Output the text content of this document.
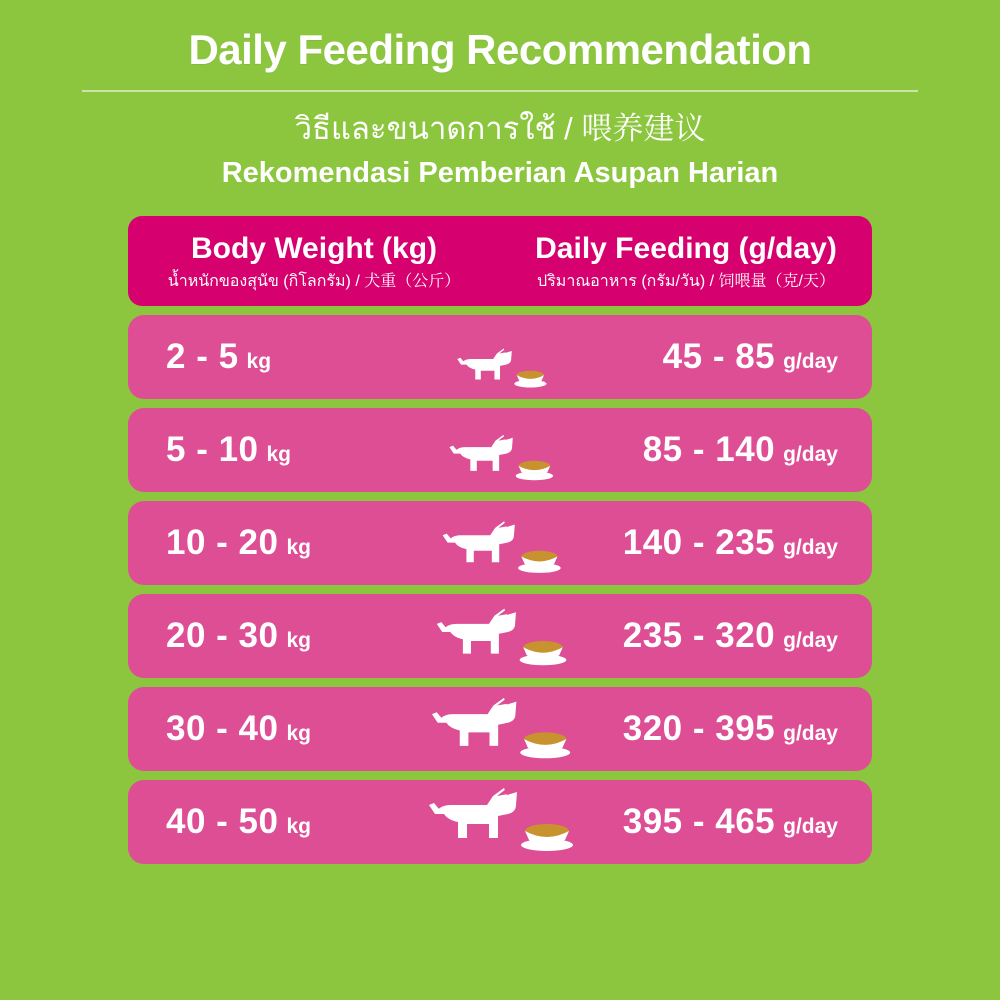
Daily Feeding Recommendation
วิธีและขนาดการใช้ / 喂养建议
Rekomendasi Pemberian Asupan Harian
Body Weight (kg)
น้ำหนักของสุนัข (กิโลกรัม) / 犬重（公斤）
Daily Feeding (g/day)
ปริมาณอาหาร (กรัม/วัน) / 饲喂量（克/天）
2 - 5 kg	45 - 85 g/day
5 - 10 kg	85 - 140 g/day
10 - 20 kg	140 - 235 g/day
20 - 30 kg	235 - 320 g/day
30 - 40 kg	320 - 395 g/day
40 - 50 kg	395 - 465 g/day
